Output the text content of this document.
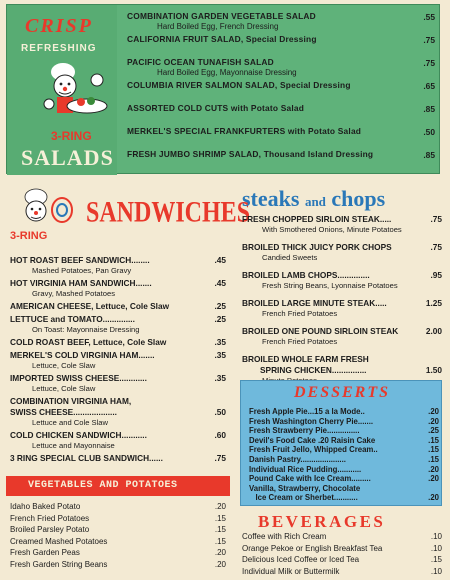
CRISP
REFRESHING
3-RING
SALADS
COMBINATION GARDEN VEGETABLE SALAD
Hard Boiled Egg, French Dressing
.55
CALIFORNIA FRUIT SALAD, Special Dressing	.75
PACIFIC OCEAN TUNAFISH SALAD
Hard Boiled Egg, Mayonnaise Dressing
.75
COLUMBIA RIVER SALMON SALAD, Special Dressing	.65
ASSORTED COLD CUTS with Potato Salad	.85
MERKEL'S SPECIAL FRANKFURTERS with Potato Salad	.50
FRESH JUMBO SHRIMP SALAD, Thousand Island Dressing	.85
3-RING
SANDWICHES
HOT ROAST BEEF SANDWICH........
Mashed Potatoes, Pan Gravy
.45
HOT VIRGINIA HAM SANDWICH.......
Gravy, Mashed Potatoes
.45
AMERICAN CHEESE, Lettuce, Cole Slaw	.25
LETTUCE and TOMATO..............
On Toast: Mayonnaise Dressing
.25
COLD ROAST BEEF, Lettuce, Cole Slaw	.35
MERKEL'S COLD VIRGINIA HAM.......
Lettuce, Cole Slaw
.35
IMPORTED SWISS CHEESE............
Lettuce, Cole Slaw
.35
COMBINATION VIRGINIA HAM,
SWISS CHEESE...................
Lettuce and Cole Slaw
.50
COLD CHICKEN SANDWICH...........
Lettuce and Mayonnaise
.60
3 RING SPECIAL CLUB SANDWICH......	.75
VEGETABLES AND POTATOES
Idaho Baked Potato	.20
French Fried Potatoes	.15
Broiled Parsley Potato	.15
Creamed Mashed Potatoes	.15
Fresh Garden Peas	.20
Fresh Garden String Beans	.20
steaks and chops
FRESH CHOPPED SIRLOIN STEAK.....
With Smothered Onions, Minute Potatoes
.75
BROILED THICK JUICY PORK CHOPS
Candied Sweets
.75
BROILED LAMB CHOPS..............
Fresh String Beans, Lyonnaise Potatoes
.95
BROILED LARGE MINUTE STEAK.....
French Fried Potatoes
1.25
BROILED ONE POUND SIRLOIN STEAK
French Fried Potatoes
2.00
BROILED WHOLE FARM FRESH
SPRING CHICKEN...............	1.50
DESSERTS
Fresh Apple Pie...15 a la Mode..	.20
Fresh Washington Cherry Pie.......	.20
Fresh Strawberry Pie...............	.25
Devil's Food Cake .20 Raisin Cake	.15
Fresh Fruit Jello, Whipped Cream..	.15
Danish Pastry.....................	.15
Individual Rice Pudding...........	.20
Pound Cake with Ice Cream.........	.20
Vanilla, Strawberry, Chocolate
Ice Cream or Sherbet...........	.20
BEVERAGES
Coffee with Rich Cream	.10
Orange Pekoe or English Breakfast Tea	.10
Delicious Iced Coffee or Iced Tea	.15
Individual Milk or Buttermilk	.10
